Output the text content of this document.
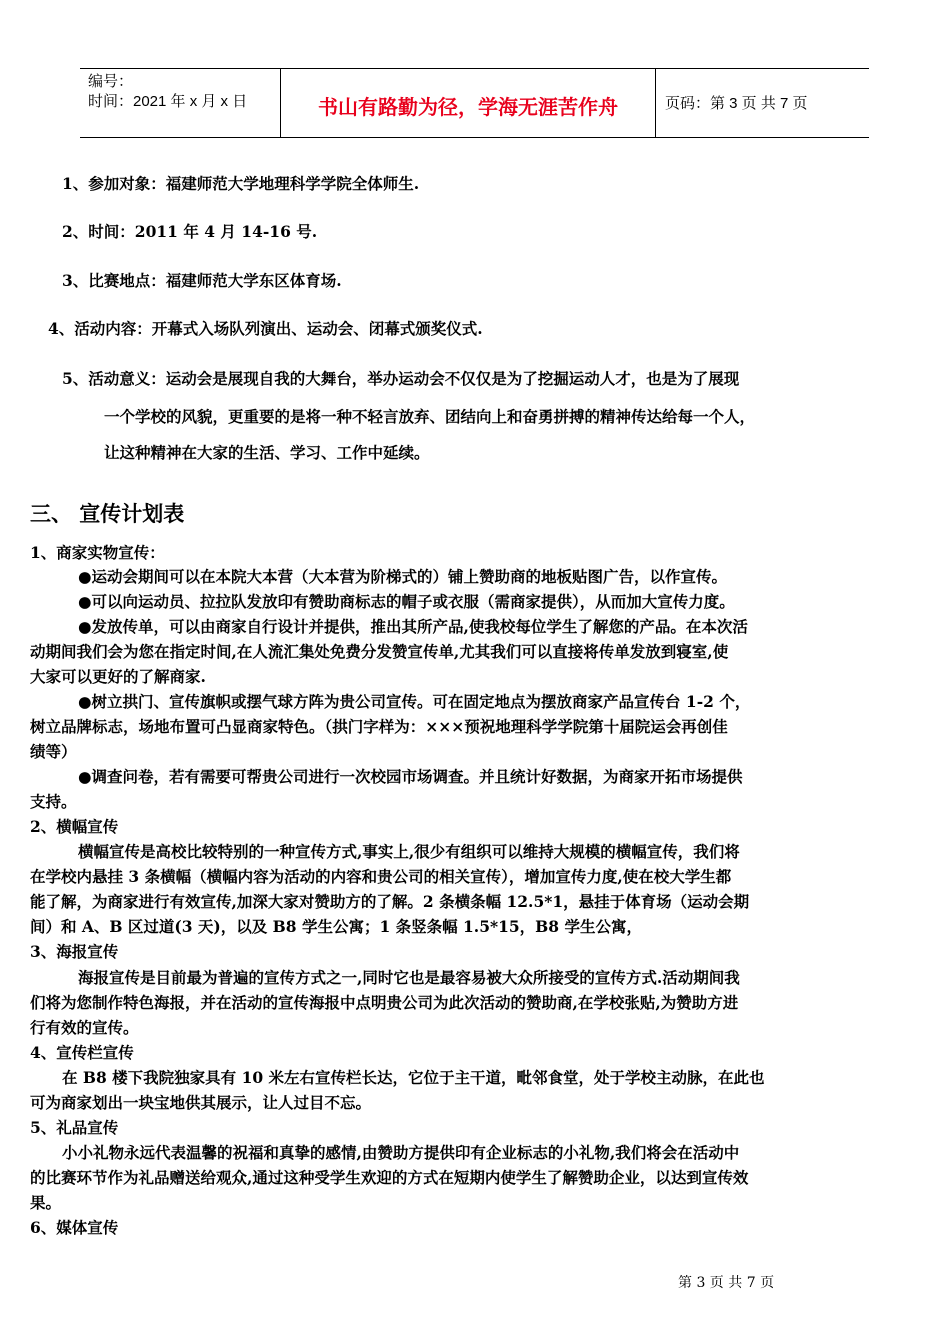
编号：
时间：2021 年 x 月 x 日	书山有路勤为径，学海无涯苦作舟	页码：第 3 页 共 7 页
1、参加对象：福建师范大学地理科学学院全体师生.
2、时间：2011 年 4 月 14-16 号.
3、比赛地点：福建师范大学东区体育场.
4、活动内容：开幕式入场队列演出、运动会、闭幕式颁奖仪式.
5、活动意义：运动会是展现自我的大舞台，举办运动会不仅仅是为了挖掘运动人才，也是为了展现
一个学校的风貌，更重要的是将一种不轻言放弃、团结向上和奋勇拼搏的精神传达给每一个人，
让这种精神在大家的生活、学习、工作中延续。
三、 宣传计划表
1、商家实物宣传：
●运动会期间可以在本院大本营（大本营为阶梯式的）铺上赞助商的地板贴图广告，以作宣传。
●可以向运动员、拉拉队发放印有赞助商标志的帽子或衣服（需商家提供），从而加大宣传力度。
●发放传单，可以由商家自行设计并提供，推出其所产品,使我校每位学生了解您的产品。在本次活
动期间我们会为您在指定时间,在人流汇集处免费分发赞宣传单,尤其我们可以直接将传单发放到寝室,使
大家可以更好的了解商家.
●树立拱门、宣传旗帜或摆气球方阵为贵公司宣传。可在固定地点为摆放商家产品宣传台 1-2 个，
树立品牌标志，场地布置可凸显商家特色。（拱门字样为：×××预祝地理科学学院第十届院运会再创佳
绩等）
●调查问卷，若有需要可帮贵公司进行一次校园市场调查。并且统计好数据，为商家开拓市场提供
支持。
2、横幅宣传
横幅宣传是高校比较特别的一种宣传方式,事实上,很少有组织可以维持大规模的横幅宣传，我们将
在学校内悬挂 3 条横幅（横幅内容为活动的内容和贵公司的相关宣传），增加宣传力度,使在校大学生都
能了解，为商家进行有效宣传,加深大家对赞助方的了解。2 条横条幅 12.5*1，悬挂于体育场（运动会期
间）和 A、B 区过道(3 天)，以及 B8 学生公寓；1 条竖条幅 1.5*15，B8 学生公寓，
3、海报宣传
海报宣传是目前最为普遍的宣传方式之一,同时它也是最容易被大众所接受的宣传方式.活动期间我
们将为您制作特色海报，并在活动的宣传海报中点明贵公司为此次活动的赞助商,在学校张贴,为赞助方进
行有效的宣传。
4、宣传栏宣传
在 B8 楼下我院独家具有 10 米左右宣传栏长达，它位于主干道，毗邻食堂，处于学校主动脉，在此也
可为商家划出一块宝地供其展示，让人过目不忘。
5、礼品宣传
小小礼物永远代表温馨的祝福和真挚的感情,由赞助方提供印有企业标志的小礼物,我们将会在活动中
的比赛环节作为礼品赠送给观众,通过这种受学生欢迎的方式在短期内使学生了解赞助企业，以达到宣传效
果。
6、媒体宣传
第 3 页 共 7 页
